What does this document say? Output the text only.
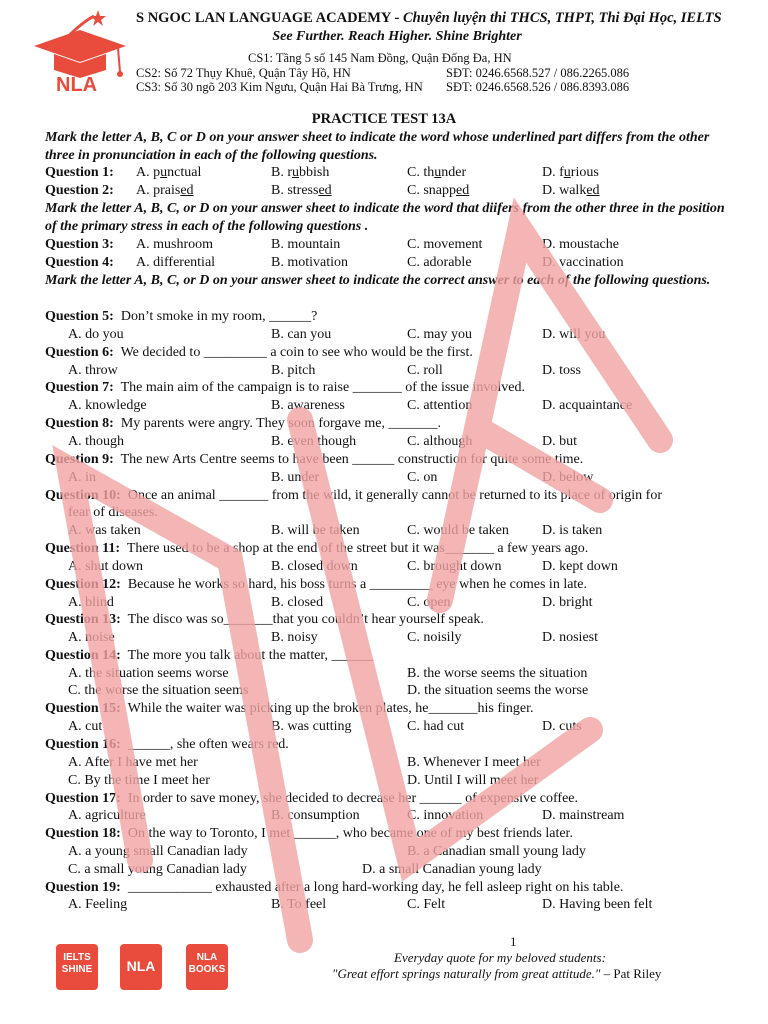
NLA
S NGOC LAN LANGUAGE ACADEMY - Chuyên luyện thi THCS, THPT, Thi Đại Học, IELTS
See Further. Reach Higher. Shine Brighter
CS1: Tầng 5 số 145 Nam Đồng, Quận Đống Đa, HN
CS2: Số 72 Thụy Khuê, Quận Tây Hồ, HN	SĐT: 0246.6568.527 / 086.2265.086
CS3: Số 30 ngõ 203 Kim Ngưu, Quận Hai Bà Trưng, HN SĐT: 0246.6568.526 / 086.8393.086
PRACTICE TEST 13A
Mark the letter A, B, C or D on your answer sheet to indicate the word whose underlined part differs from the other three in pronunciation in each of the following questions.
Question 1: A. punctual	B. rubbish	C. thunder	D. furious
Question 2: A. praised	B. stressed	C. snapped	D. walked
Mark the letter A, B, C, or D on your answer sheet to indicate the word that diifers from the other three in the position of the primary stress in each of the following questions .
Question 3: A. mushroom	B. mountain	C. movement	D. moustache
Question 4: A. differential	B. motivation	C. adorable	D. vaccination
Mark the letter A, B, C, or D on your answer sheet to indicate the correct answer to each of the following questions.
Question 5: Don’t smoke in my room, ______?
A. do you	B. can you	C. may you	D. will you
Question 6: We decided to _________ a coin to see who would be the first.
A. throw	B. pitch	C. roll	D. toss
Question 7: The main aim of the campaign is to raise _______ of the issue involved.
A. knowledge	B. awareness	C. attention	D. acquaintance
Question 8: My parents were angry. They soon forgave me, _______.
A. though	B. even though	C. although	D. but
Question 9: The new Arts Centre seems to have been ______ construction for quite some time.
A. in	B. under	C. on	D. below
Question 10: Once an animal _______ from the wild, it generally cannot be returned to its place of origin for
fear of diseases.
A. was taken	B. will be taken	C. would be taken D. is taken
Question 11: There used to be a shop at the end of the street but it was_______ a few years ago.
A. shut down	B. closed down	C. brought down	D. kept down
Question 12: Because he works so hard, his boss turns a _________ eye when he comes in late.
A. blind	B. closed	C. open	D. bright
Question 13: The disco was so_______that you couldn’t hear yourself speak.
A. noise	B. noisy	C. noisily	D. nosiest
Question 14: The more you talk about the matter, ______
A. the situation seems worse	B. the worse seems the situation
C. the worse the situation seems	D. the situation seems the worse
Question 15: While the waiter was picking up the broken plates, he_______his finger.
A. cut	B. was cutting	C. had cut	D. cuts
Question 16: ______, she often wears red.
A. After I have met her	B. Whenever I meet her
C. By the time I meet her	D. Until I will meet her
Question 17: In order to save money, she decided to decrease her ______ of expensive coffee.
A. agriculture	B. consumption	C. innovation	D. mainstream
Question 18: On the way to Toronto, I met ______, who became one of my best friends later.
A. a young small Canadian lady	B. a Canadian small young lady
C. a small young Canadian lady	D. a small Canadian young lady
Question 19: ____________ exhausted after a long hard-working day, he fell asleep right on his table.
A. Feeling	B. To feel	C. Felt	D. Having been felt
1
Everyday quote for my beloved students:
"Great effort springs naturally from great attitude." – Pat Riley
IELTS SHINE	NLA
NLA BOOKS
